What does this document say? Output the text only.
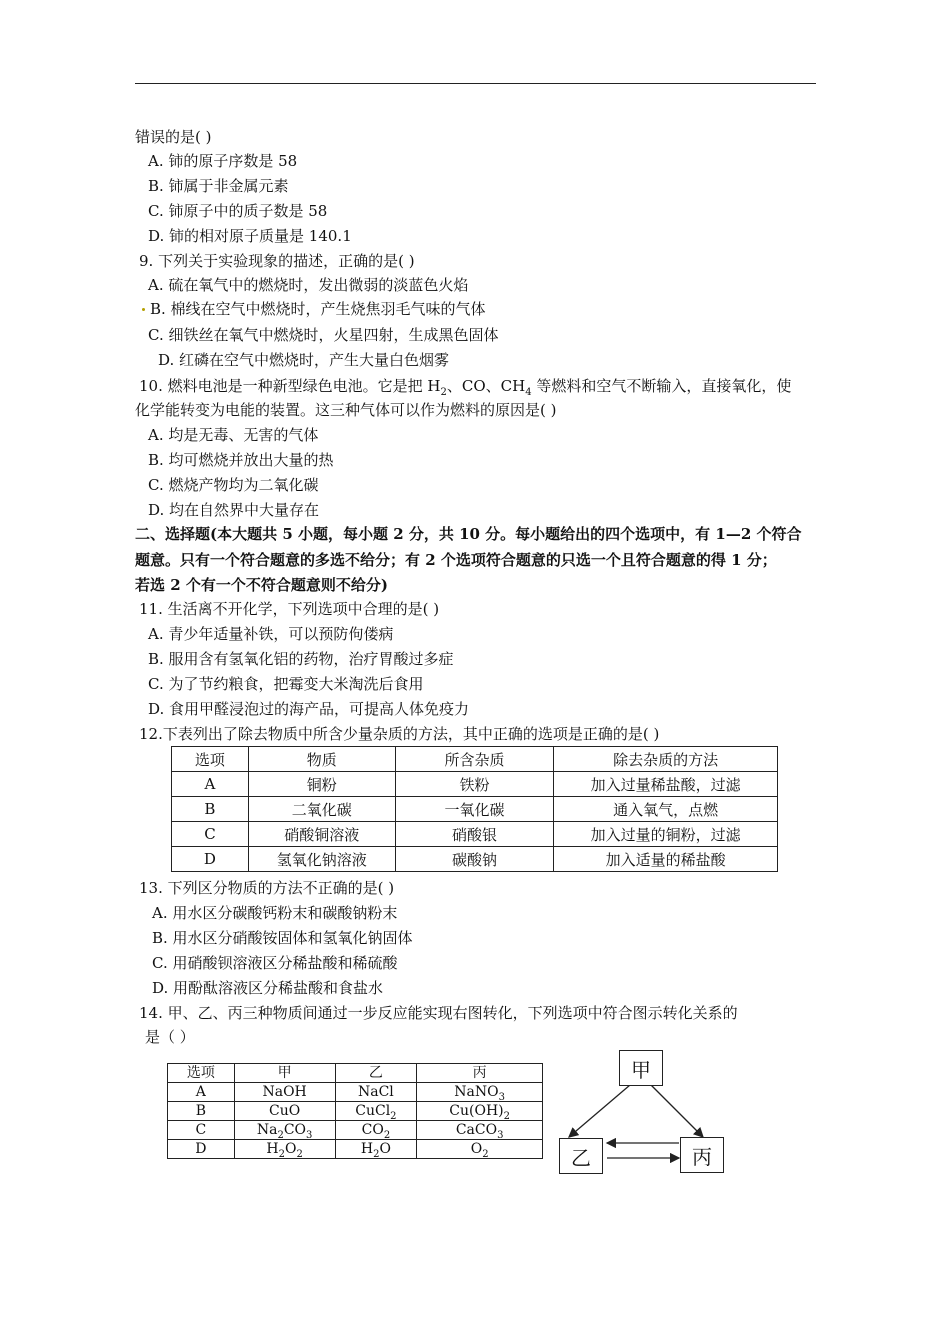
错误的是( )
A. 铈的原子序数是 58
B. 铈属于非金属元素
C. 铈原子中的质子数是 58
D. 铈的相对原子质量是 140.1
9. 下列关于实验现象的描述，正确的是( )
A. 硫在氧气中的燃烧时，发出微弱的淡蓝色火焰
B. 棉线在空气中燃烧时，产生烧焦羽毛气味的气体
C. 细铁丝在氧气中燃烧时，火星四射，生成黑色固体
D. 红磷在空气中燃烧时，产生大量白色烟雾
化学能转变为电能的装置。这三种气体可以作为燃料的原因是( )
A. 均是无毒、无害的气体
B. 均可燃烧并放出大量的热
C. 燃烧产物均为二氧化碳
D. 均在自然界中大量存在
11. 生活离不开化学，下列选项中合理的是( )
A. 青少年适量补铁，可以预防佝偻病
B. 服用含有氢氧化铝的药物，治疗胃酸过多症
C. 为了节约粮食，把霉变大米淘洗后食用
D. 食用甲醛浸泡过的海产品，可提高人体免疫力
13. 下列区分物质的方法不正确的是( )
A. 用水区分碳酸钙粉末和碳酸钠粉末
B. 用水区分硝酸铵固体和氢氧化钠固体
C. 用硝酸钡溶液区分稀盐酸和稀硫酸
D. 用酚酞溶液区分稀盐酸和食盐水
14. 甲、乙、丙三种物质间通过一步反应能实现右图转化，下列选项中符合图示转化关系的
是（ ）
10. 燃料电池是一种新型绿色电池。它是把 $H_2$、CO、$CH_4$ 等燃料和空气不断输入，直接氧化，使
二、选择题(本大题共 5 小题，每小题 2 分，共 10 分。每小题给出的四个选项中，有 1—2 个符合
题意。只有一个符合题意的多选不给分；有 2 个选项符合题意的只选一个且符合题意的得 1 分；
若选 2 个有一个不符合题意则不给分)
12.下表列出了除去物质中所含少量杂质的方法，其中正确的选项是正确的是( )
选项	物质	所含杂质	除去杂质的方法
A	铜粉	铁粉	加入过量稀盐酸，过滤
B	二氧化碳	一氧化碳	通入氧气，点燃
C	硝酸铜溶液	硝酸银	加入过量的铜粉，过滤
D	氢氧化钠溶液	碳酸钠	加入适量的稀盐酸
选项	甲	乙	丙
A	NaOH	NaCl	NaNO$_3$
B	CuO	CuCl$_2$	$Cu(OH)_2$
C	$Na_2CO_3$	$CO_2$	CaCO$_3$
D	$H_2O_2$	$H_2O$	$O_2$
甲
乙	丙
